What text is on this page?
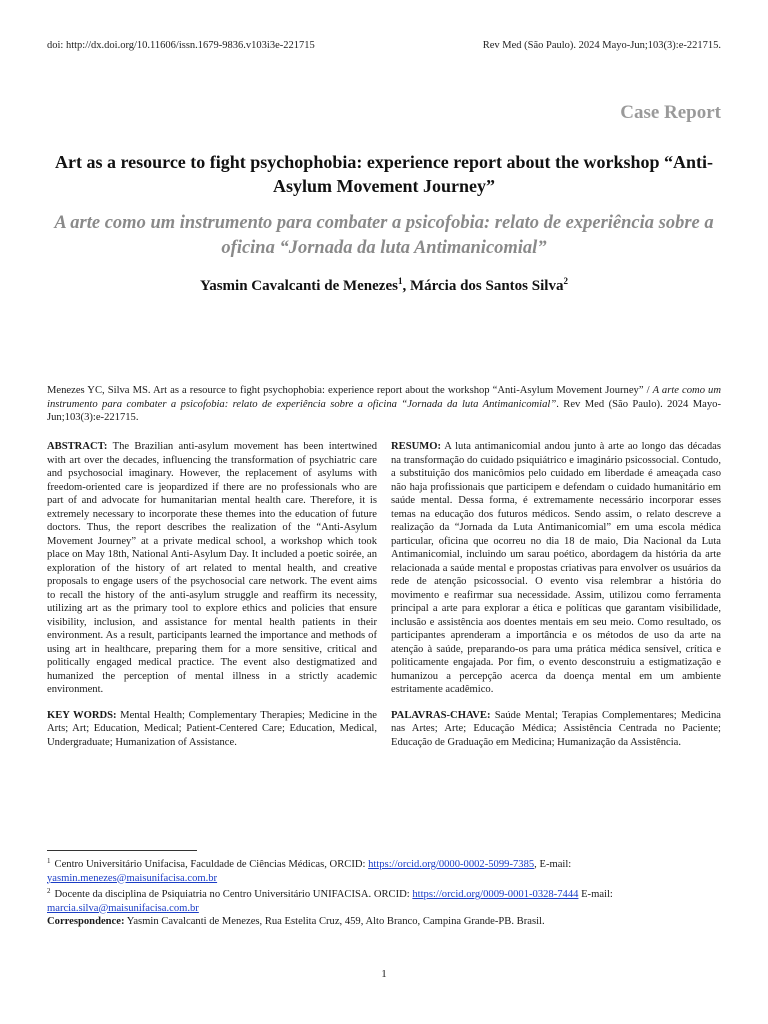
doi: http://dx.doi.org/10.11606/issn.1679-9836.v103i3e-221715	Rev Med (São Paulo). 2024 Mayo-Jun;103(3):e-221715.
Case Report
Art as a resource to fight psychophobia: experience report about the workshop “Anti-Asylum Movement Journey”
A arte como um instrumento para combater a psicofobia: relato de experiência sobre a oficina “Jornada da luta Antimanicomial”
Yasmin Cavalcanti de Menezes$^1$, Márcia dos Santos Silva$^2$
Menezes YC, Silva MS. Art as a resource to fight psychophobia: experience report about the workshop “Anti-Asylum Movement Journey” / A arte como um instrumento para combater a psicofobia: relato de experiência sobre a oficina “Jornada da luta Antimanicomial”. Rev Med (São Paulo). 2024 Mayo-Jun;103(3):e-221715.

ABSTRACT: The Brazilian anti-asylum movement has been intertwined with art over the decades, influencing the transformation of psychiatric care and psychosocial imaginary. However, the replacement of asylums with freedom-oriented care is jeopardized if there are no professionals who are part of and advocate for humanitarian mental health care. Therefore, it is extremely necessary to incorporate these themes into the education of future doctors. Thus, the report describes the realization of the “Anti-Asylum Movement Journey” at a private medical school, a workshop which took place on May 18th, National Anti-Asylum Day. It included a poetic soirée, an exploration of the history of art related to mental health, and creative proposals to engage users of the psychosocial care network. The event aims to recall the history of the anti-asylum struggle and reaffirm its necessity, utilizing art as the primary tool to explore ethics and policies that ensure visibility, inclusion, and assistance for mental health patients in their environment. As a result, participants learned the importance and methods of using art in healthcare, preparing them for a more sensitive, critical and politically engaged medical practice. The event also destigmatized and humanized the perception of mental illness in a strictly academic environment.

KEY WORDS: Mental Health; Complementary Therapies; Medicine in the Arts; Art; Education, Medical; Patient-Centered Care; Education, Medical, Undergraduate; Humanization of Assistance.

RESUMO: A luta antimanicomial andou junto à arte ao longo das décadas na transformação do cuidado psiquiátrico e imaginário psicossocial. Contudo, a substituição dos manicômios pelo cuidado em liberdade é ameaçada caso não haja profissionais que participem e defendam o cuidado humanitário em saúde mental. Dessa forma, é extremamente necessário incorporar esses temas na educação dos futuros médicos. Sendo assim, o relato descreve a realização da “Jornada da Luta Antimanicomial” em uma escola médica particular, oficina que ocorreu no dia 18 de maio, Dia Nacional da Luta Antimanicomial, incluindo um sarau poético, abordagem da história da arte relacionada a saúde mental e propostas criativas para envolver os usuários da rede de atenção psicossocial. O evento visa relembrar a história do movimento e reafirmar sua necessidade. Assim, utilizou como ferramenta principal a arte para explorar a ética e políticas que garantam visibilidade, inclusão e assistência aos doentes mentais em seu meio. Como resultado, os participantes aprenderam a importância e os métodos de uso da arte na atenção à saúde, preparando-os para uma prática médica sensível, crítica e politicamente engajada. Por fim, o evento desconstruiu a estigmatização e humanizou a percepção acerca da doença mental em um ambiente estritamente acadêmico.

PALAVRAS-CHAVE: Saúde Mental; Terapias Complementares; Medicina nas Artes; Arte; Educação Médica; Assistência Centrada no Paciente; Educação de Graduação em Medicina; Humanização da Assistência.

$^1$ Centro Universitário Unifacisa, Faculdade de Ciências Médicas, ORCID: https://orcid.org/0000-0002-5099-7385, E-mail: yasmin.menezes@maisunifacisa.com.br

$^2$ Docente da disciplina de Psiquiatria no Centro Universitário UNIFACISA. ORCID: https://orcid.org/0009-0001-0328-7444 E-mail: marcia.silva@maisunifacisa.com.br

Correspondence: Yasmin Cavalcanti de Menezes, Rua Estelita Cruz, 459, Alto Branco, Campina Grande-PB. Brasil.

1
